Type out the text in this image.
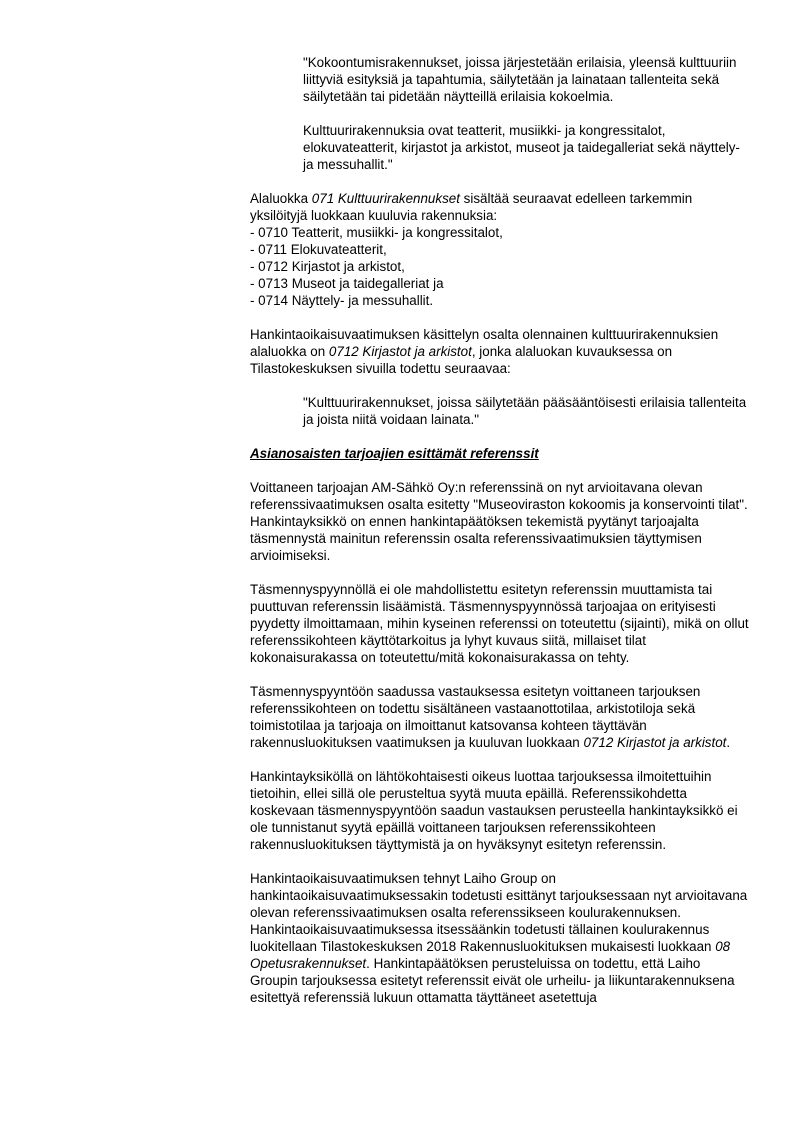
"Kokoontumisrakennukset, joissa järjestetään erilaisia, yleensä kulttuuriin liittyviä esityksiä ja tapahtumia, säilytetään ja lainataan tallenteita sekä säilytetään tai pidetään näytteillä erilaisia kokoelmia.

Kulttuurirakennuksia ovat teatterit, musiikki- ja kongressitalot, elokuvateatterit, kirjastot ja arkistot, museot ja taidegalleriat sekä näyttely- ja messuhallit."

Alaluokka 071 Kulttuurirakennukset sisältää seuraavat edelleen tarkemmin yksilöityjä luokkaan kuuluvia rakennuksia:

- 0710 Teatterit, musiikki- ja kongressitalot,

- 0711 Elokuvateatterit,

- 0712 Kirjastot ja arkistot,

- 0713 Museot ja taidegalleriat ja

- 0714 Näyttely- ja messuhallit.

Hankintaoikaisuvaatimuksen käsittelyn osalta olennainen kulttuurirakennuksien alaluokka on 0712 Kirjastot ja arkistot, jonka alaluokan kuvauksessa on Tilastokeskuksen sivuilla todettu seuraavaa:

"Kulttuurirakennukset, joissa säilytetään pääsääntöisesti erilaisia tallenteita ja joista niitä voidaan lainata."

Asianosaisten tarjoajien esittämät referenssit

Voittaneen tarjoajan AM-Sähkö Oy:n referenssinä on nyt arvioitavana olevan referenssivaatimuksen osalta esitetty "Museoviraston kokoomis ja konservointi tilat". Hankintayksikkö on ennen hankintapäätöksen tekemistä pyytänyt tarjoajalta täsmennystä mainitun referenssin osalta referenssivaatimuksien täyttymisen arvioimiseksi.

Täsmennyspyynnöllä ei ole mahdollistettu esitetyn referenssin muuttamista tai puuttuvan referenssin lisäämistä. Täsmennyspyynnössä tarjoajaa on erityisesti pyydetty ilmoittamaan, mihin kyseinen referenssi on toteutettu (sijainti), mikä on ollut referenssikohteen käyttötarkoitus ja lyhyt kuvaus siitä, millaiset tilat kokonaisurakassa on toteutettu/mitä kokonaisurakassa on tehty.

Täsmennyspyyntöön saadussa vastauksessa esitetyn voittaneen tarjouksen referenssikohteen on todettu sisältäneen vastaanottotilaa, arkistotiloja sekä toimistotilaa ja tarjoaja on ilmoittanut katsovansa kohteen täyttävän rakennusluokituksen vaatimuksen ja kuuluvan luokkaan 0712 Kirjastot ja arkistot.

Hankintayksiköllä on lähtökohtaisesti oikeus luottaa tarjouksessa ilmoitettuihin tietoihin, ellei sillä ole perusteltua syytä muuta epäillä. Referenssikohdetta koskevaan täsmennyspyyntöön saadun vastauksen perusteella hankintayksikkö ei ole tunnistanut syytä epäillä voittaneen tarjouksen referenssikohteen rakennusluokituksen täyttymistä ja on hyväksynyt esitetyn referenssin.

Hankintaoikaisuvaatimuksen tehnyt Laiho Group on hankintaoikaisuvaatimuksessakin todetusti esittänyt tarjouksessaan nyt arvioitavana olevan referenssivaatimuksen osalta referenssikseen koulurakennuksen. Hankintaoikaisuvaatimuksessa itsessäänkin todetusti tällainen koulurakennus luokitellaan Tilastokeskuksen 2018 Rakennusluokituksen mukaisesti luokkaan 08 Opetusrakennukset. Hankintapäätöksen perusteluissa on todettu, että Laiho Groupin tarjouksessa esitetyt referenssit eivät ole urheilu- ja liikuntarakennuksena esitettyä referenssiä lukuun ottamatta täyttäneet asetettuja
